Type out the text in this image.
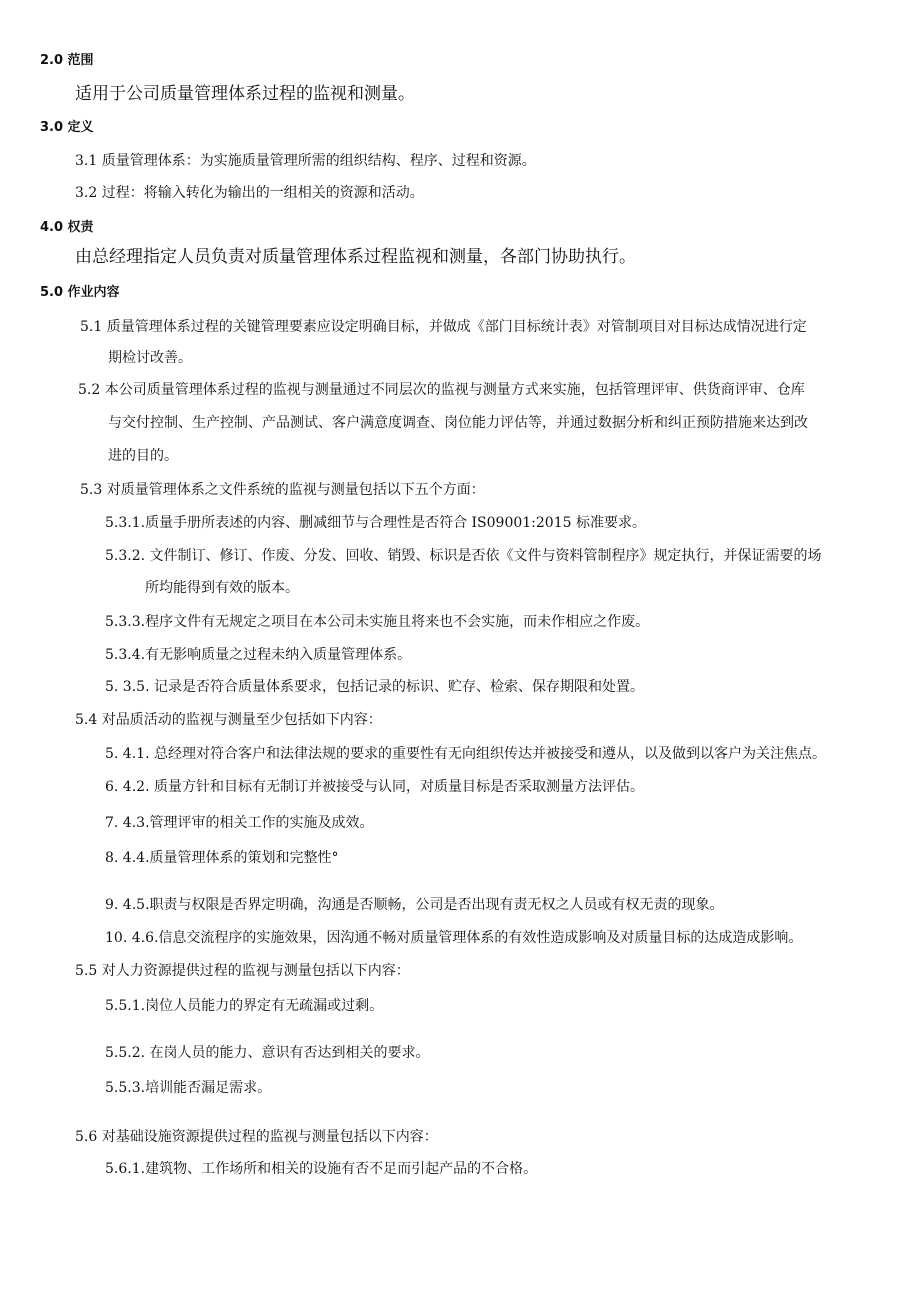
2.0 范围
适用于公司质量管理体系过程的监视和测量。
3.0 定义
3.1 质量管理体系：为实施质量管理所需的组织结构、程序、过程和资源。
3.2 过程：将输入转化为输出的一组相关的资源和活动。
4.0 权责
由总经理指定人员负责对质量管理体系过程监视和测量，各部门协助执行。
5.0 作业内容
5.1 质量管理体系过程的关键管理要素应设定明确目标，并做成《部门目标统计表》对管制项目对目标达成情况进行定
期检讨改善。
5.2 本公司质量管理体系过程的监视与测量通过不同层次的监视与测量方式来实施，包括管理评审、供货商评审、仓库
与交付控制、生产控制、产品测试、客户满意度调查、岗位能力评估等，并通过数据分析和纠正预防措施来达到改
进的目的。
5.3 对质量管理体系之文件系统的监视与测量包括以下五个方面：
5.3.1.质量手册所表述的内容、删减细节与合理性是否符合 IS09001:2015 标准要求。
5.3.2. 文件制订、修订、作废、分发、回收、销毁、标识是否依《文件与资料管制程序》规定执行，并保证需要的场
所均能得到有效的版本。
5.3.3.程序文件有无规定之项目在本公司未实施且将来也不会实施，而未作相应之作废。
5.3.4.有无影响质量之过程未纳入质量管理体系。
5. 3.5. 记录是否符合质量体系要求，包括记录的标识、贮存、检索、保存期限和处置。
5.4 对品质活动的监视与测量至少包括如下内容：
5. 4.1. 总经理对符合客户和法律法规的要求的重要性有无向组织传达并被接受和遵从，以及做到以客户为关注焦点。
6. 4.2. 质量方针和目标有无制订并被接受与认同，对质量目标是否采取测量方法评估。
7. 4.3.管理评审的相关工作的实施及成效。
8. 4.4.质量管理体系的策划和完整性°
9. 4.5.职责与权限是否界定明确，沟通是否顺畅，公司是否出现有责无权之人员或有权无责的现象。
10. 4.6.信息交流程序的实施效果，因沟通不畅对质量管理体系的有效性造成影响及对质量目标的达成造成影响。
5.5 对人力资源提供过程的监视与测量包括以下内容：
5.5.1.岗位人员能力的界定有无疏漏或过剩。
5.5.2. 在岗人员的能力、意识有否达到相关的要求。
5.5.3.培训能否漏足需求。
5.6 对基础设施资源提供过程的监视与测量包括以下内容：
5.6.1.建筑物、工作场所和相关的设施有否不足而引起产品的不合格。
